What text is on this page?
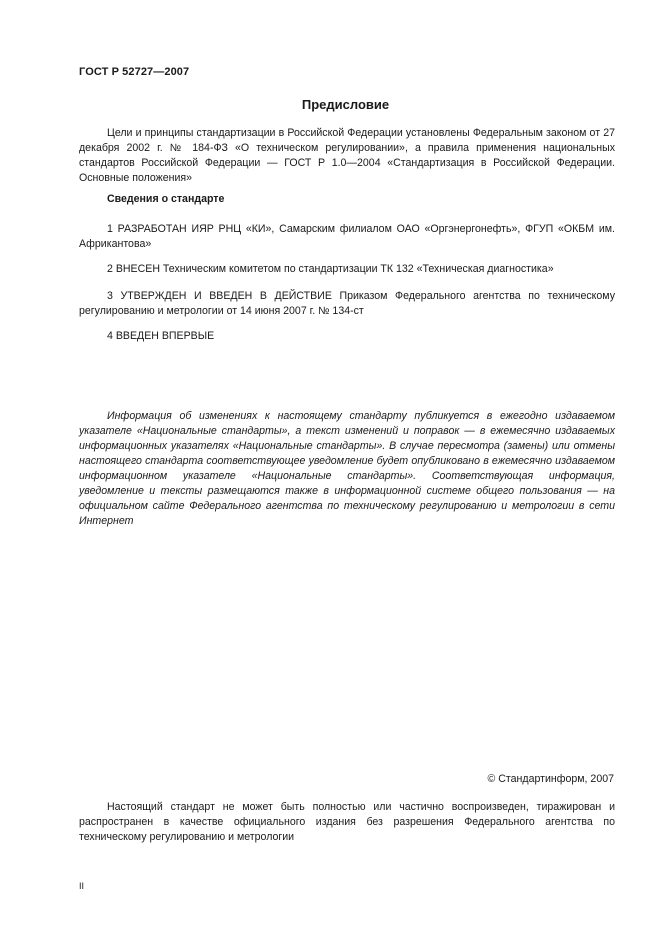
ГОСТ Р 52727—2007
Предисловие

Цели и принципы стандартизации в Российской Федерации установлены Федеральным законом от 27 декабря 2002 г. № 184-ФЗ «О техническом регулировании», а правила применения национальных стандартов Российской Федерации — ГОСТ Р 1.0—2004 «Стандартизация в Российской Федерации. Основные положения»

Сведения о стандарте

1 РАЗРАБОТАН ИЯР РНЦ «КИ», Самарским филиалом ОАО «Оргэнергонефть», ФГУП «ОКБМ им. Африкантова»

2 ВНЕСЕН Техническим комитетом по стандартизации ТК 132 «Техническая диагностика»

3 УТВЕРЖДЕН И ВВЕДЕН В ДЕЙСТВИЕ Приказом Федерального агентства по техническому регулированию и метрологии от 14 июня 2007 г. № 134-ст

4 ВВЕДЕН ВПЕРВЫЕ

Информация об изменениях к настоящему стандарту публикуется в ежегодно издаваемом указателе «Национальные стандарты», а текст изменений и поправок — в ежемесячно издаваемых информационных указателях «Национальные стандарты». В случае пересмотра (замены) или отмены настоящего стандарта соответствующее уведомление будет опубликовано в ежемесячно издаваемом информационном указателе «Национальные стандарты». Соответствующая информация, уведомление и тексты размещаются также в информационной системе общего пользования — на официальном сайте Федерального агентства по техническому регулированию и метрологии в сети Интернет

© Стандартинформ, 2007

Настоящий стандарт не может быть полностью или частично воспроизведен, тиражирован и распространен в качестве официального издания без разрешения Федерального агентства по техническому регулированию и метрологии

II
